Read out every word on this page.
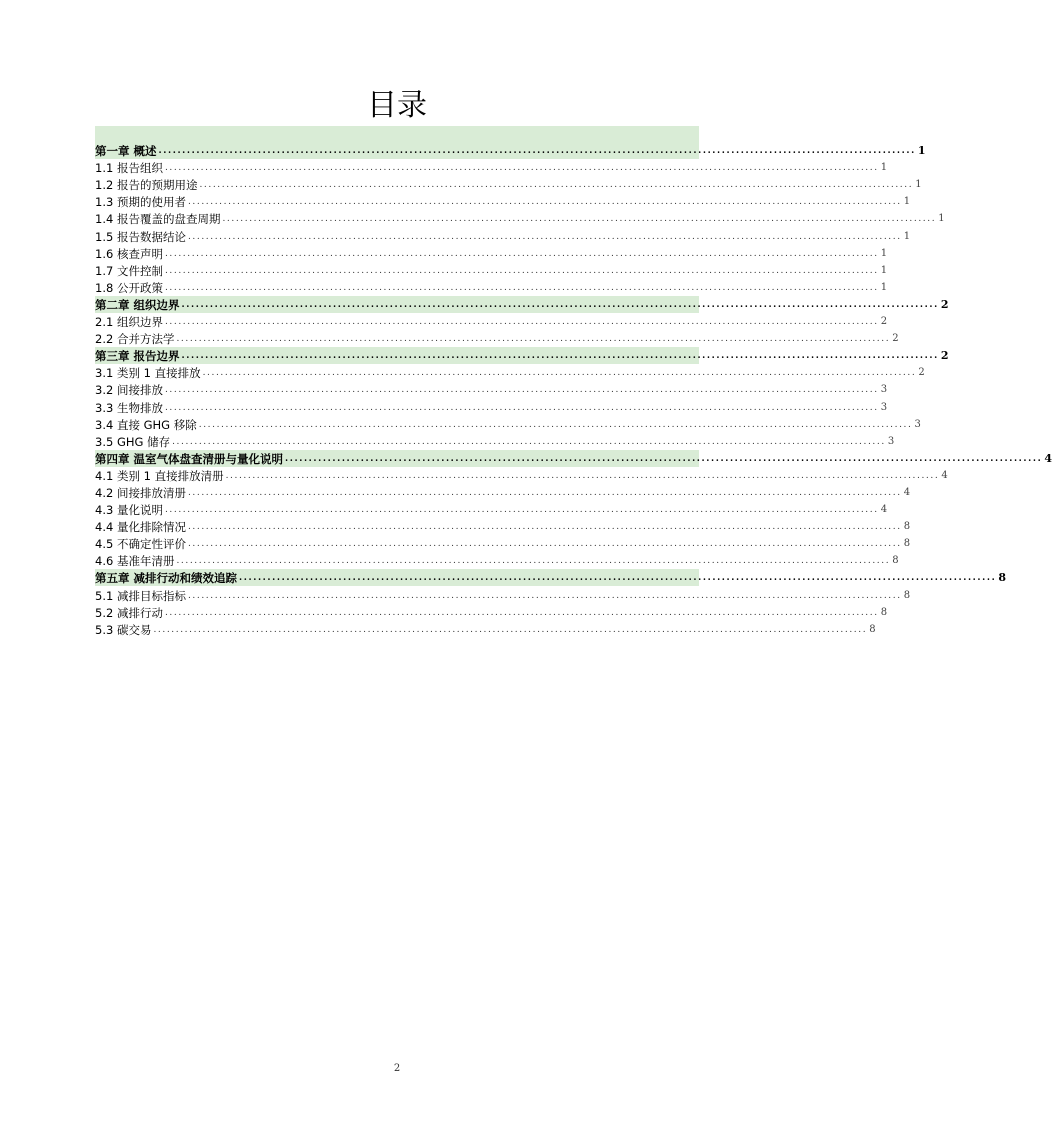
目录
第一章 概述 ................................................................................................................................................................ 1
1.1 报告组织 ................................................................................................................................................................ 1
1.2 报告的预期用途 ................................................................................................................................................................ 1
1.3 预期的使用者 ................................................................................................................................................................ 1
1.4 报告覆盖的盘查周期 ................................................................................................................................................................ 1
1.5 报告数据结论 ................................................................................................................................................................ 1
1.6 核查声明 ................................................................................................................................................................ 1
1.7 文件控制 ................................................................................................................................................................ 1
1.8 公开政策 ................................................................................................................................................................ 1
第二章 组织边界 ................................................................................................................................................................ 2
2.1 组织边界 ................................................................................................................................................................ 2
2.2 合并方法学 ................................................................................................................................................................ 2
第三章 报告边界 ................................................................................................................................................................ 2
3.1 类别 1 直接排放 ................................................................................................................................................................ 2
3.2 间接排放 ................................................................................................................................................................ 3
3.3 生物排放 ................................................................................................................................................................ 3
3.4 直接 GHG 移除 ................................................................................................................................................................ 3
3.5 GHG 储存 ................................................................................................................................................................ 3
第四章 温室气体盘查清册与量化说明 ................................................................................................................................................................ 4
4.1 类别 1 直接排放清册 ................................................................................................................................................................ 4
4.2 间接排放清册 ................................................................................................................................................................ 4
4.3 量化说明 ................................................................................................................................................................ 4
4.4 量化排除情况 ................................................................................................................................................................ 8
4.5 不确定性评价 ................................................................................................................................................................ 8
4.6 基准年清册 ................................................................................................................................................................ 8
第五章 减排行动和绩效追踪 ................................................................................................................................................................ 8
5.1 减排目标指标 ................................................................................................................................................................ 8
5.2 减排行动 ................................................................................................................................................................ 8
5.3 碳交易 ................................................................................................................................................................ 8
2
